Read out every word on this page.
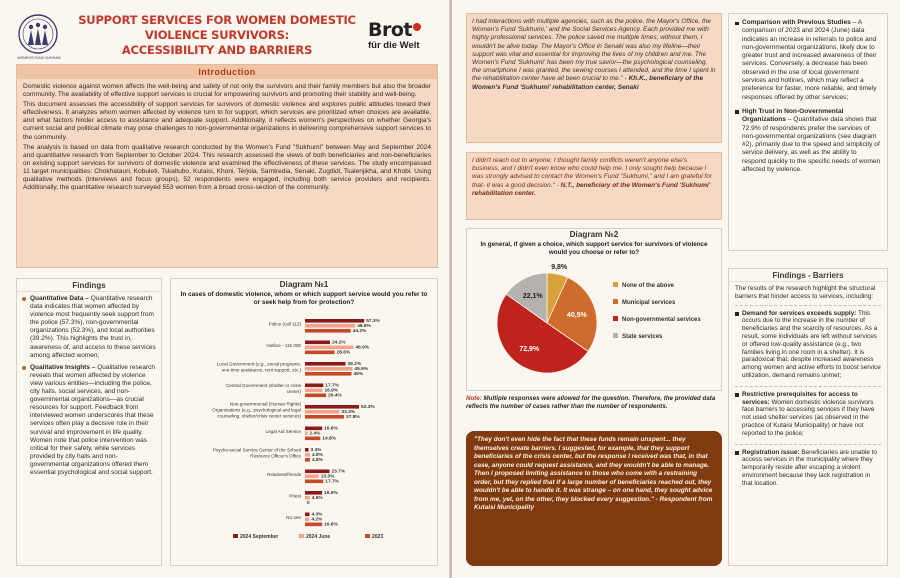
WOMEN'S FUND SUKHUMI
SUPPORT SERVICES FOR WOMEN DOMESTIC VIOLENCE SURVIVORS:
ACCESSIBILITY AND BARRIERS
Brot
für die Welt
Introduction

Domestic violence against women affects the well-being and safety of not only the survivors and their family members but also the broader community. The availability of effective support services is crucial for empowering survivors and promoting their stability and well-being.

This document assesses the accessibility of support services for survivors of domestic violence and explores public attitudes toward their effectiveness. It analyzes whom women affected by violence turn to for support, which services are prioritized when choices are available, and what factors hinder access to assistance and adequate support. Additionally, it reflects women's perspectives on whether Georgia's current social and political climate may pose challenges to non-governmental organizations in delivering comprehensive support services to the community.

The analysis is based on data from qualitative research conducted by the Women's Fund "Sukhumi" between May and September 2024 and quantitative research from September to October 2024. This research assessed the views of both beneficiaries and non-beneficiaries on existing support services for survivors of domestic violence and examined the effectiveness of these services. The study encompassed 11 target municipalities: Chokhatauri, Kobuleti, Tskaltubo, Kutaisi, Khoni, Terjola, Samtredia, Senaki, Zugdidi, Tsalenjikha, and Khobi. Using qualitative methods (interviews and focus groups), 52 respondents were engaged, including both service providers and recipients. Additionally, the quantitative research surveyed 553 women from a broad cross-section of the community.

Findings
Quantitative Data – Quantitative research data indicates that women affected by violence most frequently seek support from the police (57.3%), non-governmental organizations (52.3%), and local authorities (39.2%). This highlights the trust in, awareness of, and access to these services among affected women;
Qualitative Insights – Qualitative research reveals that women affected by violence view various entities—including the police, city halls, social services, and non-governmental organizations—as crucial resources for support. Feedback from interviewed women underscores that these services often play a decisive role in their survival and improvement in life quality. Women note that police intervention was critical for their safety, while services provided by city halls and non-governmental organizations offered them essential psychological and social support.
Diagram №1
In cases of domestic violence, whom or which support service would you refer to or seek help from for protection?
Police (call 112)	57.3%
48.6%
44.2%
Hotline - 116 006	24.2%
46.9%
28.6%
Local Government (e.g., social programs, one-time assistance, rent support, etc.)
39.2%
45.9%
45%
Central Government (shelter or crisis center)
17.7%
16.9%
20.4%
Non-governmental (Human Rights) Organizations (e.g., psychological and legal counseling, shelter/crisis center services)
52.3%
33.3%
37.8%
Legal Aid Service	16.6%
2.4%
14.8%
Psycho-social Service Center of the School Resource Officer's Office
3.4%
4.8%
4.8%
Relatives/friends	23.7%
13.3%
17.7%
Priest	16.5%
4.6%
0
No one 4.3%
4.2%
16.6%
2024 September	2024 June	2023
I had interactions with multiple agencies, such as the police, the Mayor's Office, the Women's Fund 'Sukhumi,' and the Social Services Agency. Each provided me with highly professional services. The police saved me multiple times; without them, I wouldn't be alive today. The Mayor's Office in Senaki was also my lifeline—their support was vital and essential for improving the lives of my children and me. The Women's Fund 'Sukhumi' has been my true savior—the psychological counseling, the smartphone I was granted, the sewing courses I attended, and the time I spent in the rehabilitation center have all been crucial to me." - Kh.K., beneficiary of the Women's Fund 'Sukhumi' rehabilitation center, Senaki
I didn't reach out to anyone; I thought family conflicts weren't anyone else's business, and I didn't even know who could help me. I only sought help because I was strongly advised to contact the Women's Fund "Sukhumi," and I am grateful for that- it was a good decision." - N.T., beneficiary of the Women's Fund 'Sukhumi' rehabilitation center.
Diagram №2
In general, if given a choice, which support service for survivors of violence would you choose or refer to?
9,8%
40,5%
72,9%
22,1%
None of the above
Municipal services
Non-governmental services
State services
Note: Multiple responses were allowed for the question. Therefore, the provided data reflects the number of cases rather than the number of respondents.
"They don't even hide the fact that these funds remain unspent... they themselves create barriers. I suggested, for example, that they support beneficiaries of the crisis center, but the response I received was that, in that case, anyone could request assistance, and they wouldn't be able to manage. Then I proposed limiting assistance to those who come with a restraining order, but they replied that if a large number of beneficiaries reached out, they wouldn't be able to handle it. It was strange – on one hand, they sought advice from me, yet, on the other, they blocked every suggestion." - Respondent from Kutaisi Municipality
Comparison with Previous Studies – A comparison of 2023 and 2024 (June) data indicates an increase in referrals to police and non-governmental organizations, likely due to greater trust and increased awareness of their services. Conversely, a decrease has been observed in the use of local government services and hotlines, which may reflect a preference for faster, more reliable, and timely responses offered by other services;
High Trust in Non-Governmental Organizations – Quantitative data shows that 72.9% of respondents prefer the services of non-governmental organizations (see diagram #2), primarily due to the speed and simplicity of service delivery, as well as the ability to respond quickly to the specific needs of women affected by violence.
Findings - Barriers

The results of the research highlight the structural barriers that hinder access to services, including:

Demand for services exceeds supply: This occurs due to the increase in the number of beneficiaries and the scarcity of resources. As a result, some individuals are left without services or offered low-quality assistance (e.g., two families living in one room in a shelter). It is paradoxical that, despite increased awareness among women and active efforts to boost service utilization, demand remains unmet;
Restrictive prerequisites for access to services: Women domestic violence survivors face barriers to accessing services if they have not used shelter services (as observed in the practice of Kutaisi Municipality) or have not reported to the police;
Registration issue: Beneficiaries are unable to access services in the municipality where they temporarily reside after escaping a violent environment because they lack registration in that location.
